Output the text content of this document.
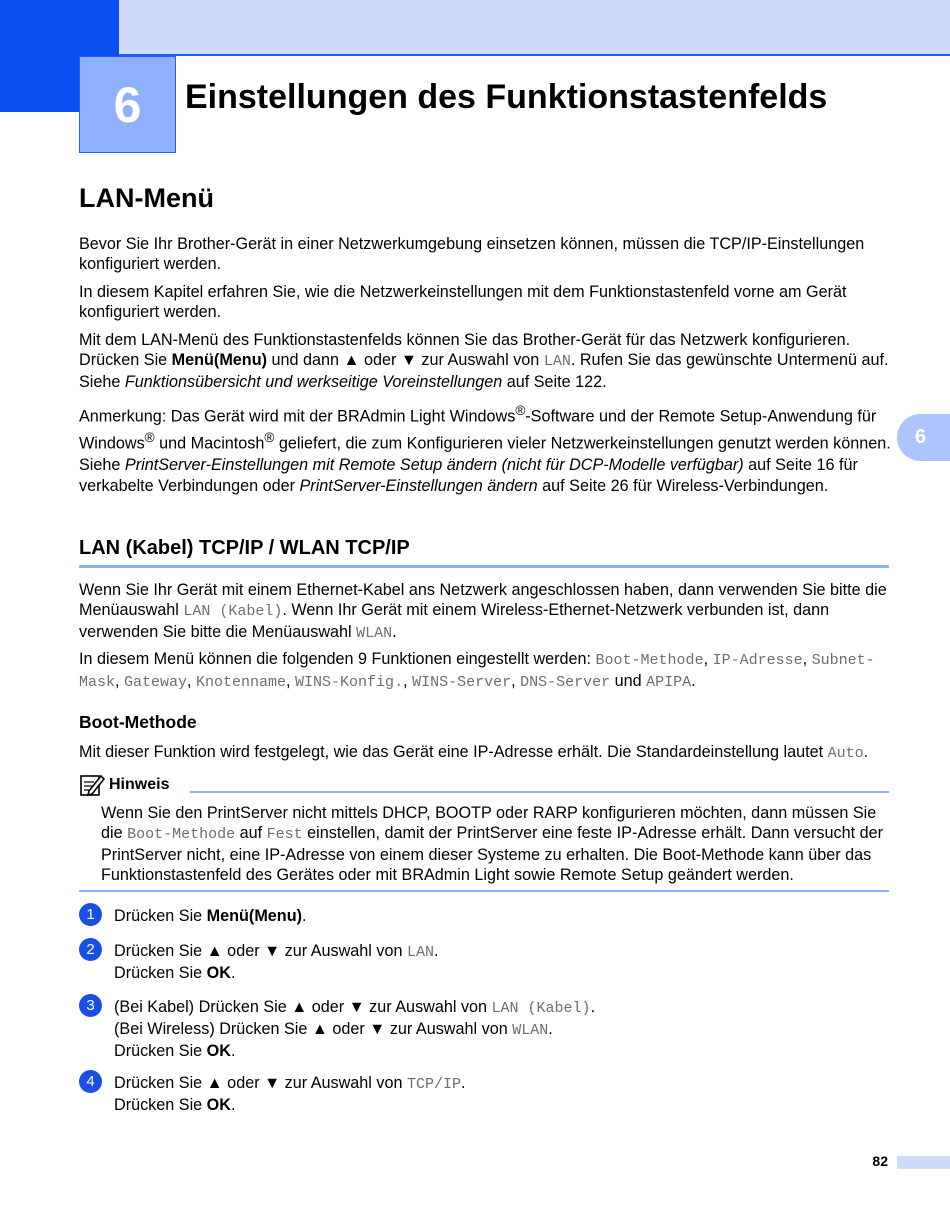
6	Einstellungen des Funktionstastenfelds
6
LAN-Menü

Bevor Sie Ihr Brother-Gerät in einer Netzwerkumgebung einsetzen können, müssen die TCP/IP-Einstellungen konfiguriert werden.

In diesem Kapitel erfahren Sie, wie die Netzwerkeinstellungen mit dem Funktionstastenfeld vorne am Gerät konfiguriert werden.

Mit dem LAN-Menü des Funktionstastenfelds können Sie das Brother-Gerät für das Netzwerk konfigurieren. Drücken Sie Menü(Menu) und dann ▲ oder ▼ zur Auswahl von LAN. Rufen Sie das gewünschte Untermenü auf. Siehe Funktionsübersicht und werkseitige Voreinstellungen auf Seite 122.

Anmerkung: Das Gerät wird mit der BRAdmin Light Windows®-Software und der Remote Setup-Anwendung für Windows® und Macintosh® geliefert, die zum Konfigurieren vieler Netzwerkeinstellungen genutzt werden können. Siehe PrintServer-Einstellungen mit Remote Setup ändern (nicht für DCP-Modelle verfügbar) auf Seite 16 für verkabelte Verbindungen oder PrintServer-Einstellungen ändern auf Seite 26 für Wireless-Verbindungen.

LAN (Kabel) TCP/IP / WLAN TCP/IP

Wenn Sie Ihr Gerät mit einem Ethernet-Kabel ans Netzwerk angeschlossen haben, dann verwenden Sie bitte die Menüauswahl LAN (Kabel). Wenn Ihr Gerät mit einem Wireless-Ethernet-Netzwerk verbunden ist, dann verwenden Sie bitte die Menüauswahl WLAN.

In diesem Menü können die folgenden 9 Funktionen eingestellt werden: Boot-Methode, IP-Adresse, Subnet-Mask, Gateway, Knotenname, WINS-Konfig., WINS-Server, DNS-Server und APIPA.

Boot-Methode

Mit dieser Funktion wird festgelegt, wie das Gerät eine IP-Adresse erhält. Die Standardeinstellung lautet Auto.

Hinweis

Wenn Sie den PrintServer nicht mittels DHCP, BOOTP oder RARP konfigurieren möchten, dann müssen Sie die Boot-Methode auf Fest einstellen, damit der PrintServer eine feste IP-Adresse erhält. Dann versucht der PrintServer nicht, eine IP-Adresse von einem dieser Systeme zu erhalten. Die Boot-Methode kann über das Funktionstastenfeld des Gerätes oder mit BRAdmin Light sowie Remote Setup geändert werden.

1	Drücken Sie Menü(Menu).

2	Drücken Sie ▲ oder ▼ zur Auswahl von LAN.
Drücken Sie OK.

3	(Bei Kabel) Drücken Sie ▲ oder ▼ zur Auswahl von LAN (Kabel).
(Bei Wireless) Drücken Sie ▲ oder ▼ zur Auswahl von WLAN.
Drücken Sie OK.

4	Drücken Sie ▲ oder ▼ zur Auswahl von TCP/IP.
Drücken Sie OK.

82
